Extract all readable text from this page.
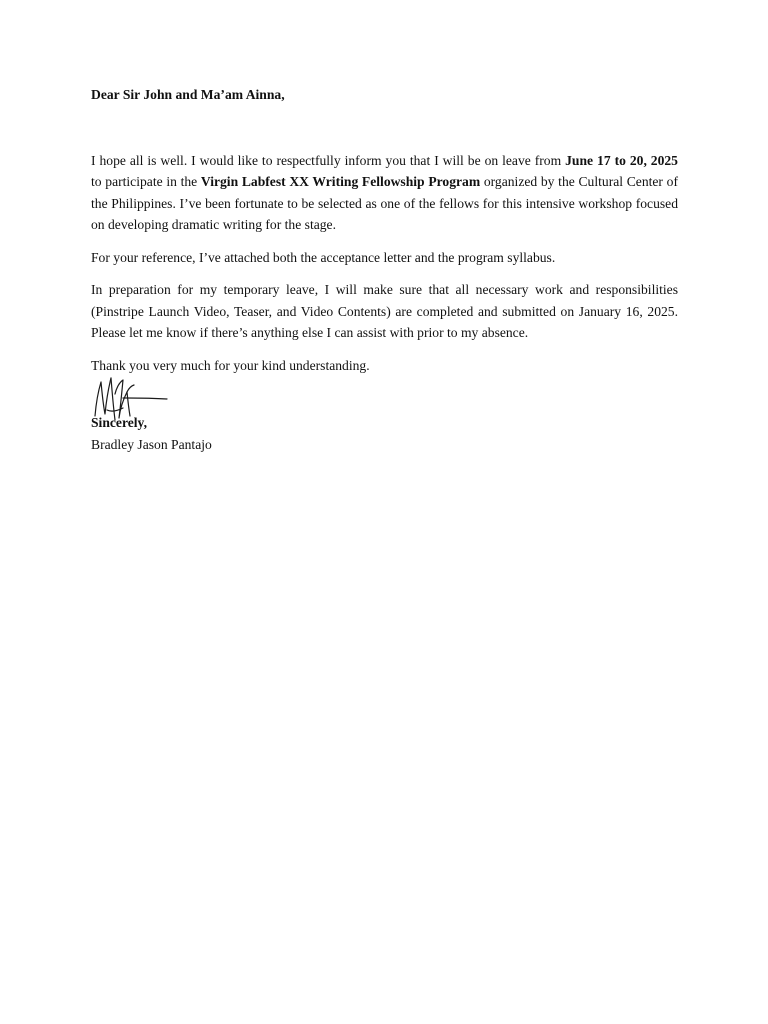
Dear Sir John and Ma’am Ainna,

I hope all is well. I would like to respectfully inform you that I will be on leave from June 17 to 20, 2025 to participate in the Virgin Labfest XX Writing Fellowship Program organized by the Cultural Center of the Philippines. I’ve been fortunate to be selected as one of the fellows for this intensive workshop focused on developing dramatic writing for the stage.

For your reference, I’ve attached both the acceptance letter and the program syllabus.

In preparation for my temporary leave, I will make sure that all necessary work and responsibilities (Pinstripe Launch Video, Teaser, and Video Contents) are completed and submitted on January 16, 2025. Please let me know if there’s anything else I can assist with prior to my absence.

Thank you very much for your kind understanding.

Sincerely,

Bradley Jason Pantajo
